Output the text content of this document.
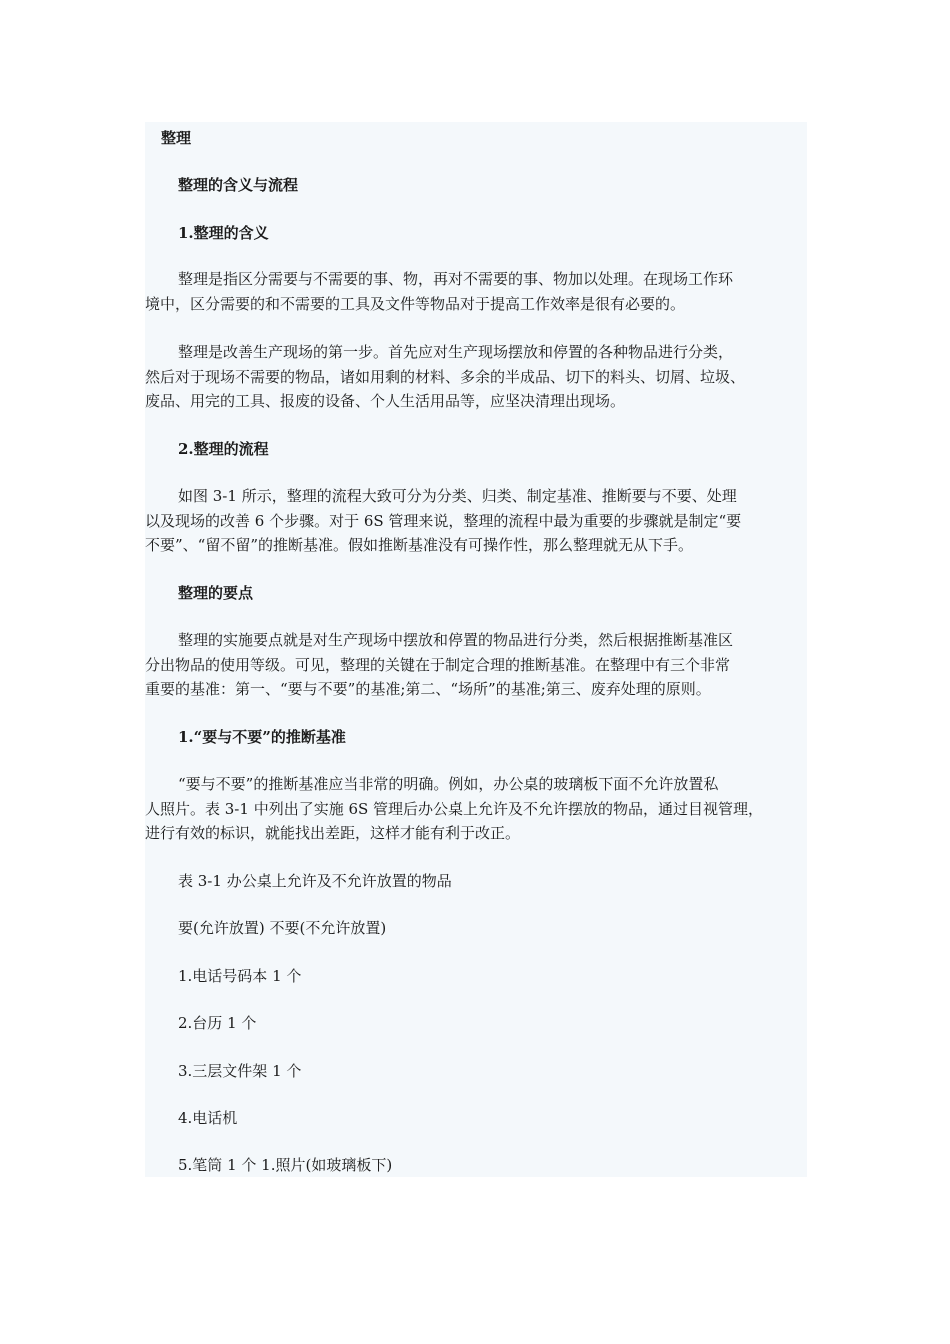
整理

整理的含义与流程

1.整理的含义

整理是指区分需要与不需要的事、物，再对不需要的事、物加以处理。在现场工作环
境中，区分需要的和不需要的工具及文件等物品对于提高工作效率是很有必要的。
整理是改善生产现场的第一步。首先应对生产现场摆放和停置的各种物品进行分类，
然后对于现场不需要的物品，诸如用剩的材料、多余的半成品、切下的料头、切屑、垃圾、
废品、用完的工具、报废的设备、个人生活用品等，应坚决清理出现场。

2.整理的流程

如图 3-1 所示，整理的流程大致可分为分类、归类、制定基准、推断要与不要、处理
以及现场的改善 6 个步骤。对于 6S 管理来说，整理的流程中最为重要的步骤就是制定“要
不要”、“留不留”的推断基准。假如推断基准没有可操作性，那么整理就无从下手。

整理的要点

整理的实施要点就是对生产现场中摆放和停置的物品进行分类，然后根据推断基准区
分出物品的使用等级。可见，整理的关键在于制定合理的推断基准。在整理中有三个非常
重要的基准：第一、“要与不要”的基准;第二、“场所”的基准;第三、废弃处理的原则。

1.“要与不要”的推断基准

“要与不要”的推断基准应当非常的明确。例如，办公桌的玻璃板下面不允许放置私
人照片。表 3-1 中列出了实施 6S 管理后办公桌上允许及不允许摆放的物品，通过目视管理，
进行有效的标识，就能找出差距，这样才能有利于改正。

表 3-1 办公桌上允许及不允许放置的物品

要(允许放置) 不要(不允许放置)

1.电话号码本 1 个

2.台历 1 个

3.三层文件架 1 个

4.电话机

5.笔筒 1 个 1.照片(如玻璃板下)
